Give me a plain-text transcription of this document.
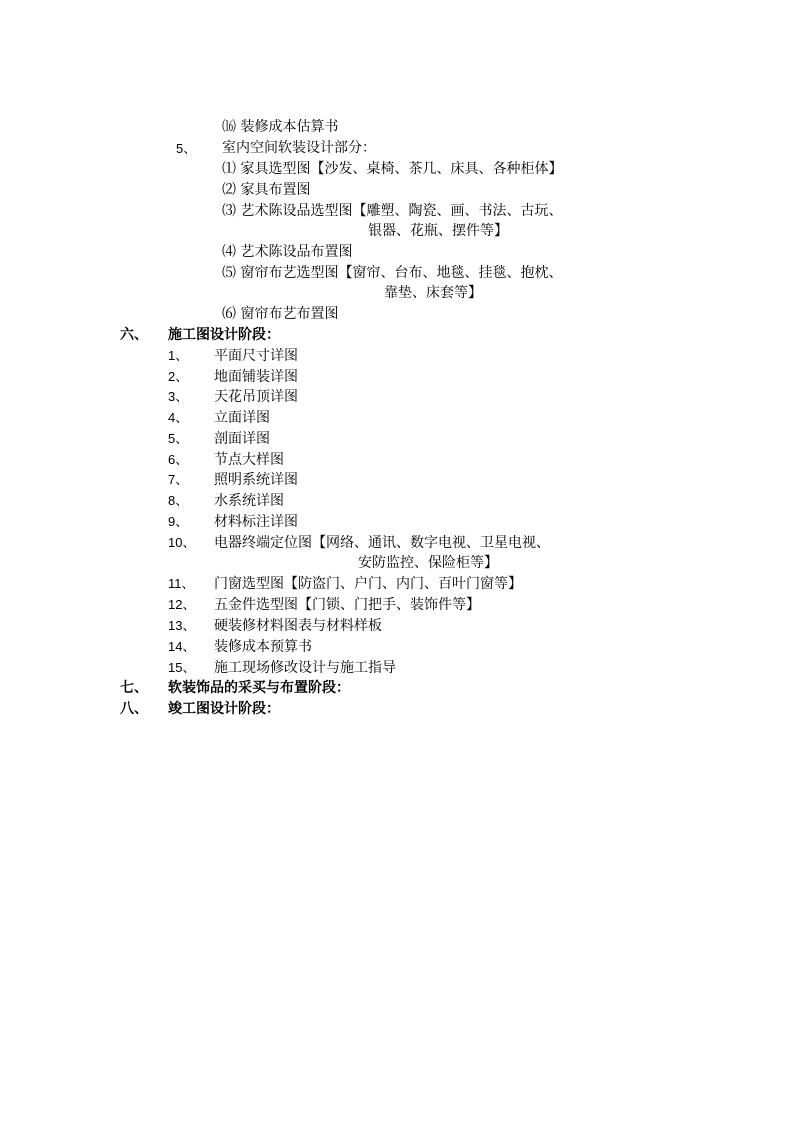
⒃ 装修成本估算书
5、 室内空间软装设计部分：
⑴ 家具选型图【沙发、桌椅、茶几、床具、各种柜体】
⑵ 家具布置图
⑶ 艺术陈设品选型图【雕塑、陶瓷、画、书法、古玩、
银器、花瓶、摆件等】
⑷ 艺术陈设品布置图
⑸ 窗帘布艺选型图【窗帘、台布、地毯、挂毯、抱枕、
靠垫、床套等】
⑹ 窗帘布艺布置图
六、 施工图设计阶段：
1、 平面尺寸详图
2、 地面铺装详图
3、 天花吊顶详图
4、 立面详图
5、 剖面详图
6、 节点大样图
7、 照明系统详图
8、 水系统详图
9、 材料标注详图
10、 电器终端定位图【网络、通讯、数字电视、卫星电视、
安防监控、保险柜等】
11、 门窗选型图【防盗门、户门、内门、百叶门窗等】
12、 五金件选型图【门锁、门把手、装饰件等】
13、 硬装修材料图表与材料样板
14、 装修成本预算书
15、 施工现场修改设计与施工指导
七、 软装饰品的采买与布置阶段：
八、 竣工图设计阶段：
